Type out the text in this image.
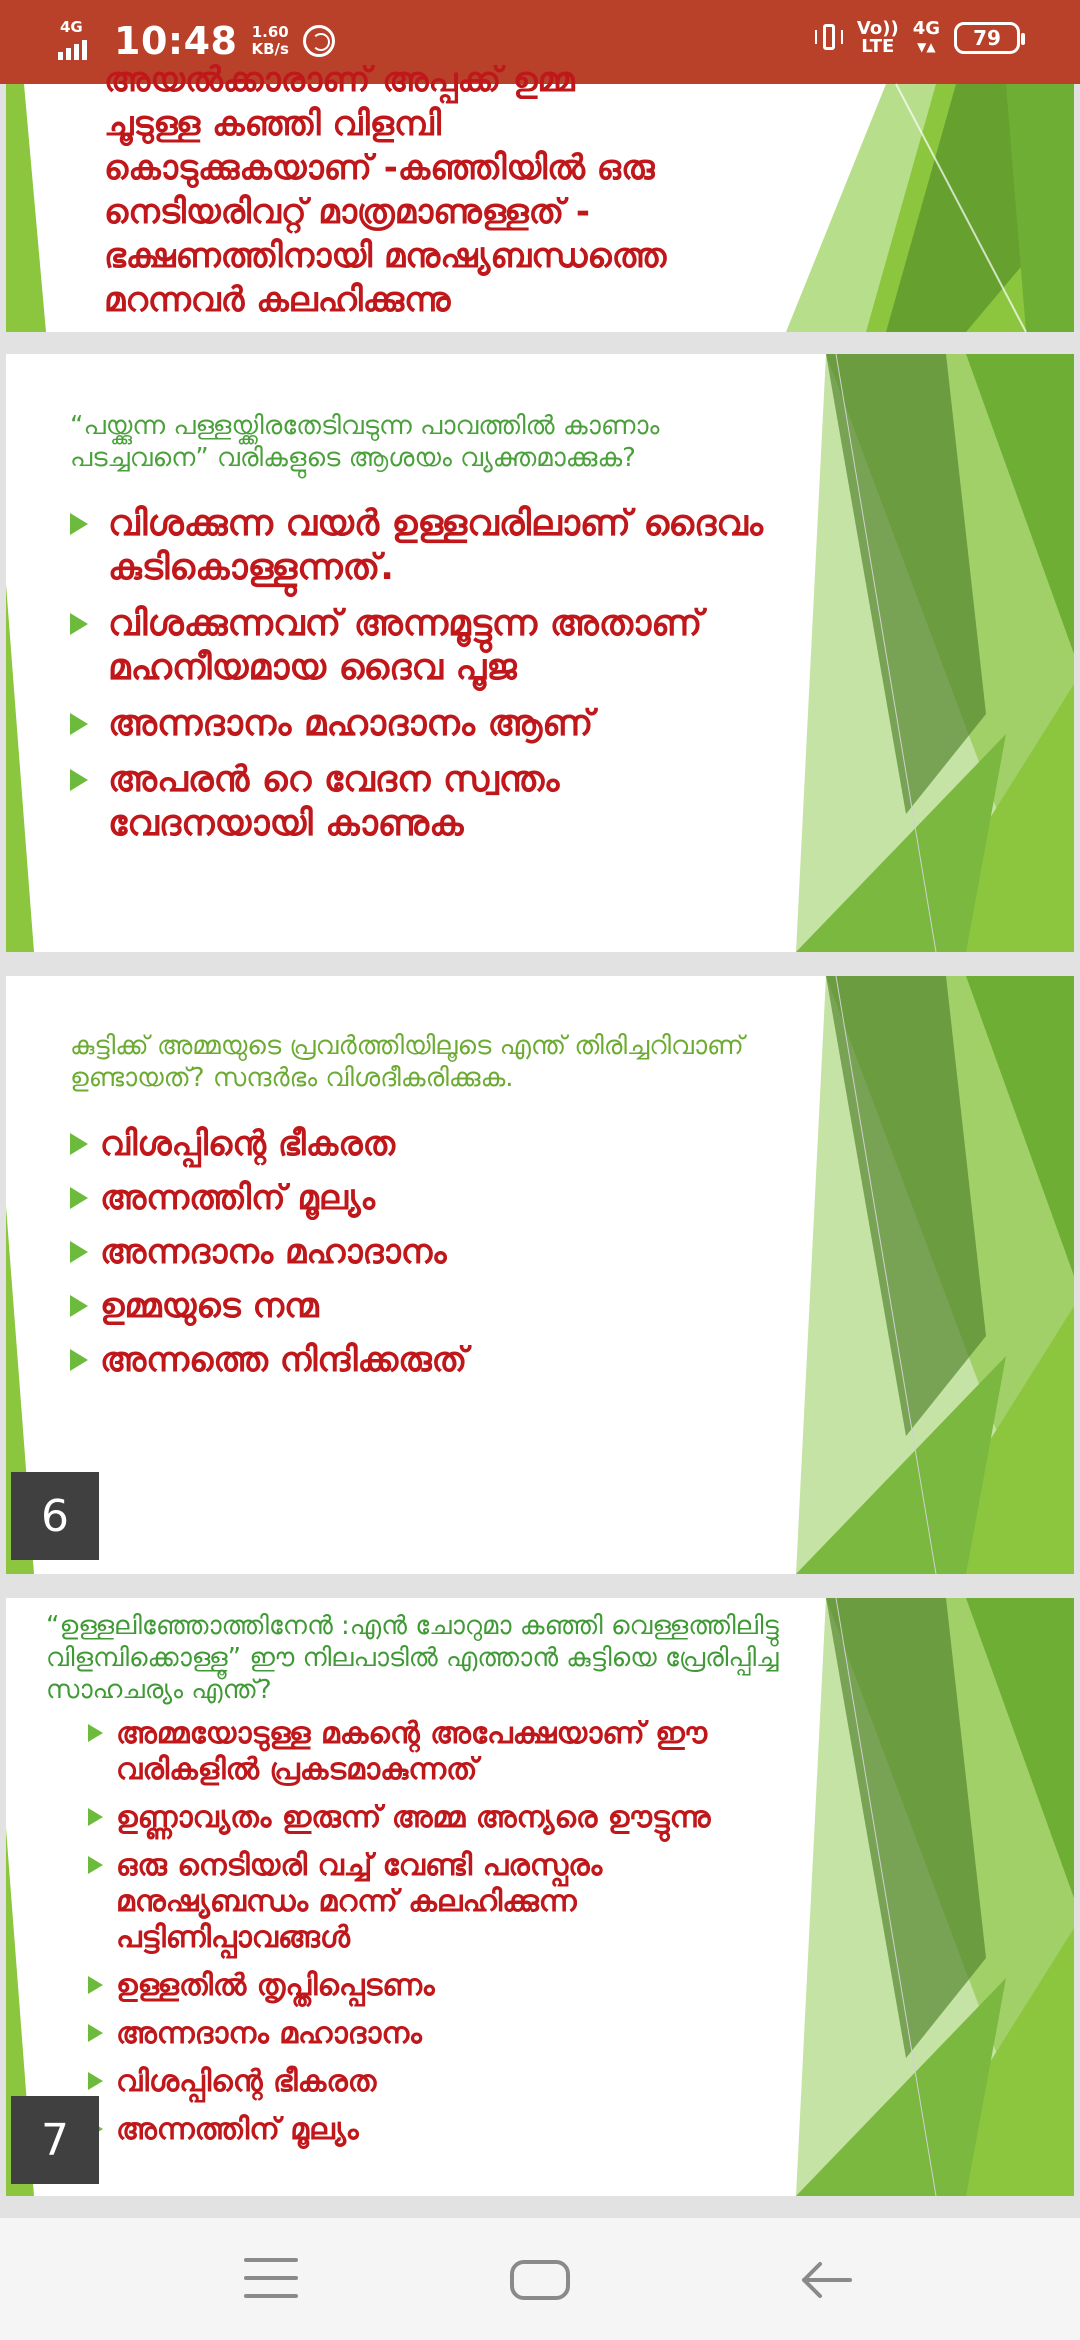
4G 10:48 1.60
KB/s
Vo))
LTE
4G
▼▲ 79
അയൽക്കാരാണ് അപ്പക്ക് ഉമ്മ
ചൂടുള്ള കഞ്ഞി വിളമ്പി
കൊടുക്കുകയാണ് -കഞ്ഞിയിൽ ഒരു
നെടിയരിവറ്റ് മാത്രമാണുള്ളത് -
ഭക്ഷണത്തിനായി മനുഷ്യബന്ധത്തെ
മറന്നവർ കലഹിക്കുന്നു

“പയ്ക്കുന്ന പള്ളയ്ക്കിരതേടിവടുന്ന പാവത്തിൽ കാണാം പടച്ചവനെ” വരികളുടെ ആശയം വ്യക്തമാക്കുക?

വിശക്കുന്ന വയർ ഉള്ളവരിലാണ് ദൈവം കുടികൊള്ളുന്നത്.
വിശക്കുന്നവന് അന്നമൂട്ടുന്ന അതാണ് മഹനീയമായ ദൈവ പൂജ
അന്നദാനം മഹാദാനം ആണ്
അപരൻ റെ വേദന സ്വന്തം വേദനയായി കാണുക

കുട്ടിക്ക് അമ്മയുടെ പ്രവർത്തിയിലൂടെ എന്ത് തിരിച്ചറിവാണ് ഉണ്ടായത്? സന്ദർഭം വിശദീകരിക്കുക.

വിശപ്പിന്റെ ഭീകരത
അന്നത്തിന് മൂല്യം
അന്നദാനം മഹാദാനം
ഉമ്മയുടെ നന്മ
അന്നത്തെ നിന്ദിക്കരുത്
6

“ഉള്ളലിഞ്ഞോത്തിനേൻ :എൻ ചോറുമാ കഞ്ഞി വെള്ളത്തിലിട്ടു വിളമ്പിക്കൊള്ളൂ” ഈ നിലപാടിൽ എത്താൻ കുട്ടിയെ പ്രേരിപ്പിച്ച സാഹചര്യം എന്ത്?

അമ്മയോടുള്ള മകന്റെ അപേക്ഷയാണ് ഈ വരികളിൽ പ്രകടമാകുന്നത്
ഉണ്ണാവ്യതം ഇരുന്ന് അമ്മ അന്യരെ ഊട്ടുന്നു
ഒരു നെടിയരി വച്ച് വേണ്ടി പരസ്പരം മനുഷ്യബന്ധം മറന്ന് കലഹിക്കുന്ന പട്ടിണിപ്പാവങ്ങൾ
ഉള്ളതിൽ തൃപ്തിപ്പെടണം
അന്നദാനം മഹാദാനം
വിശപ്പിന്റെ ഭീകരത
അന്നത്തിന് മൂല്യം
7
